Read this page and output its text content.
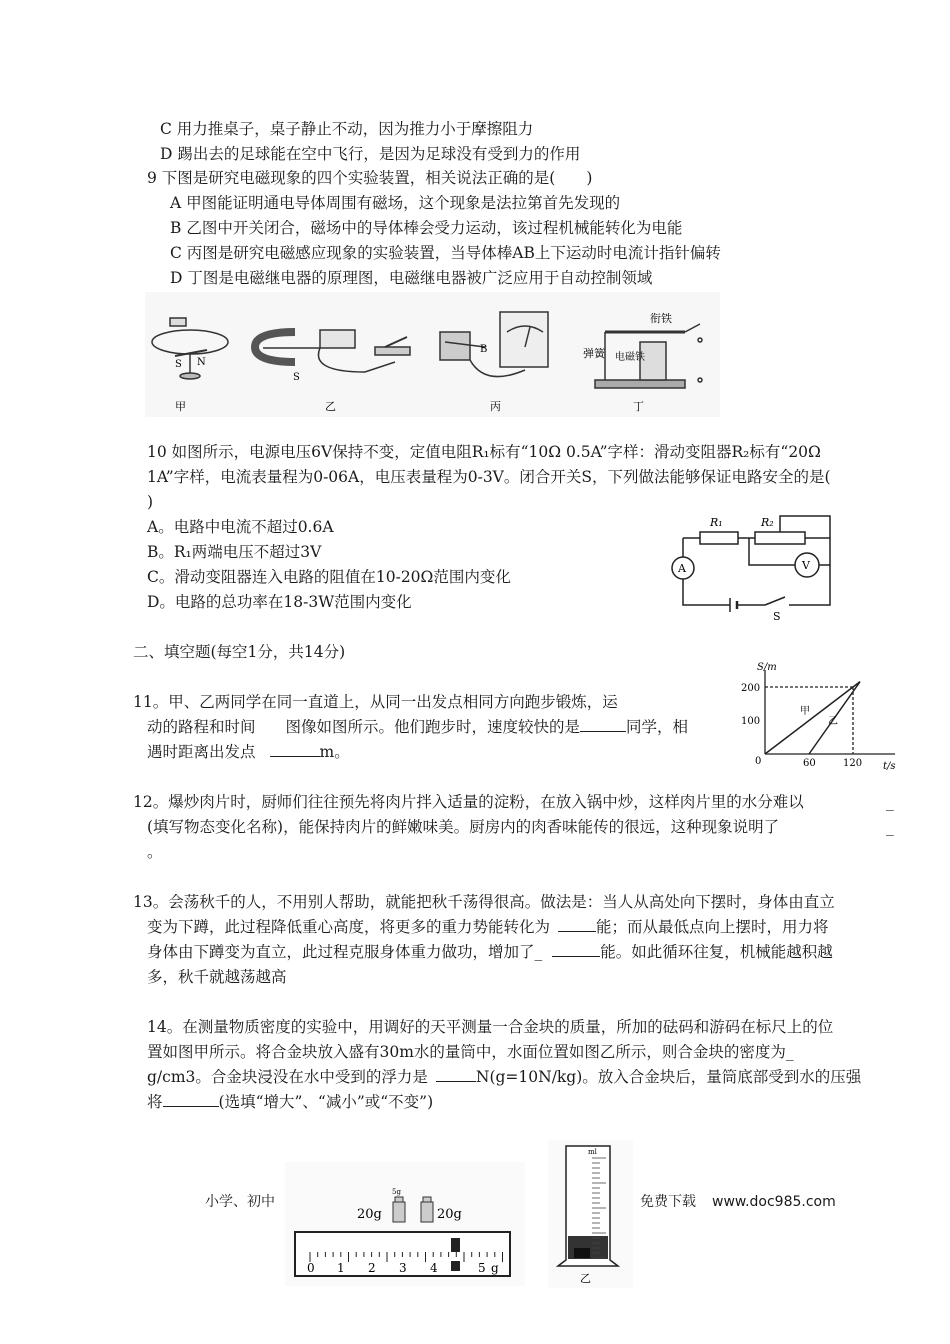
C 用力推桌子，桌子静止不动，因为推力小于摩擦阻力
D 踢出去的足球能在空中飞行，是因为足球没有受到力的作用
9 下图是研究电磁现象的四个实验装置，相关说法正确的是(　　)
A 甲图能证明通电导体周围有磁场，这个现象是法拉第首先发现的
B 乙图中开关闭合，磁场中的导体棒会受力运动，该过程机械能转化为电能
C 丙图是研究电磁感应现象的实验装置，当导体棒AB上下运动时电流计指针偏转
D 丁图是电磁继电器的原理图，电磁继电器被广泛应用于自动控制领域
S N
S
B
衔铁
弹簧 电磁铁
甲	乙	丙	丁
10 如图所示，电源电压6V保持不变，定值电阻R₁标有“10Ω 0.5A”字样：滑动变阻器R₂标有“20Ω
1A”字样，电流表量程为0-06A，电压表量程为0-3V。闭合开关S，下列做法能够保证电路安全的是(
)
A。电路中电流不超过0.6A
B。R₁两端电压不超过3V
C。滑动变阻器连入电路的阻值在10-20Ω范围内变化
D。电路的总功率在18-3W范围内变化
A	V
R₁	R₂
S
二、填空题(每空1分，共14分)
11。甲、乙两同学在同一直道上，从同一出发点相同方向跑步锻炼，运
动的路程和时间 图像如图所示。他们跑步时，速度较快的是	同学，相
遇时距离出发点	m。
S/m
t/s
200
100
0	60	120
甲
乙
12。爆炒肉片时，厨师们往往预先将肉片拌入适量的淀粉，在放入锅中炒，这样肉片里的水分难以	_
(填写物态变化名称)，能保持肉片的鲜嫩味美。厨房内的肉香味能传的很远，这种现象说明了	_
。
13。会荡秋千的人，不用别人帮助，就能把秋千荡得很高。做法是：当人从高处向下摆时，身体由直立
变为下蹲，此过程降低重心高度，将更多的重力势能转化为	能；而从最低点向上摆时，用力将
身体由下蹲变为直立，此过程克服身体重力做功，增加了_	能。如此循环往复，机械能越积越
多，秋千就越荡越高
14。在测量物质密度的实验中，用调好的天平测量一合金块的质量，所加的砝码和游码在标尺上的位
置如图甲所示。将合金块放入盛有30m水的量筒中，水面位置如图乙所示，则合金块的密度为_
g/cm3。合金块浸没在水中受到的浮力是	N(g=10N/kg)。放入合金块后，量筒底部受到水的压强
将	(选填“增大”、“减小”或“不变”)
小学、初中	免费下载 www.doc985.com
20g	20g
5g
0 1 2 3 4	5 g
ml
乙
